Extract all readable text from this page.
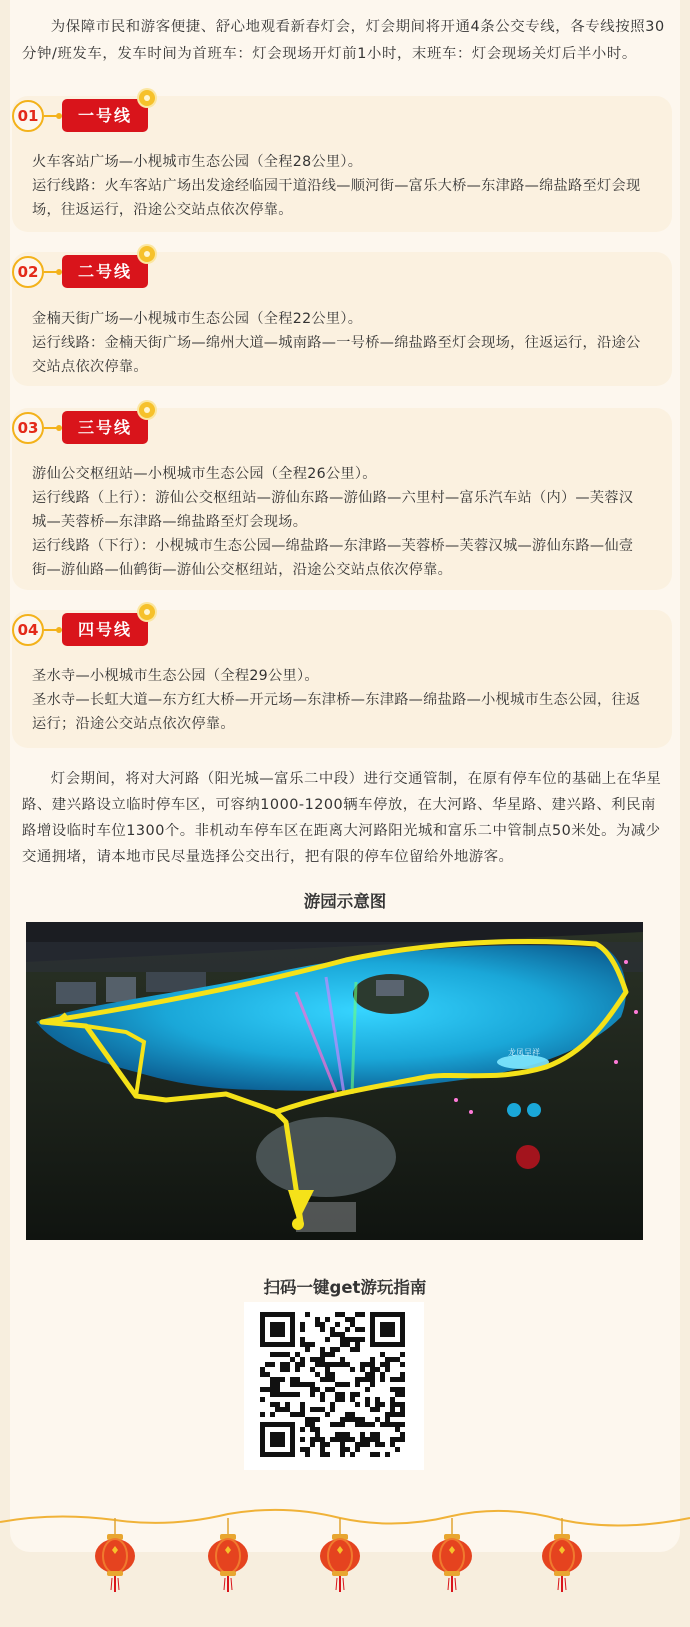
为保障市民和游客便捷、舒心地观看新春灯会，灯会期间将开通4条公交专线，各专线按照30分钟/班发车，发车时间为首班车：灯会现场开灯前1小时，末班车：灯会现场关灯后半小时。

01	一号线

火车客站广场—小枧城市生态公园（全程28公里）。

运行线路：火车客站广场出发途经临园干道沿线—顺河街—富乐大桥—东津路—绵盐路至灯会现场，往返运行，沿途公交站点依次停靠。

02	二号线

金楠天街广场—小枧城市生态公园（全程22公里）。

运行线路：金楠天街广场—绵州大道—城南路—一号桥—绵盐路至灯会现场，往返运行，沿途公交站点依次停靠。

03	三号线

游仙公交枢纽站—小枧城市生态公园（全程26公里）。

运行线路（上行）：游仙公交枢纽站—游仙东路—游仙路—六里村—富乐汽车站（内）—芙蓉汉城—芙蓉桥—东津路—绵盐路至灯会现场。

运行线路（下行）：小枧城市生态公园—绵盐路—东津路—芙蓉桥—芙蓉汉城—游仙东路—仙壹街—游仙路—仙鹤街—游仙公交枢纽站，沿途公交站点依次停靠。

04	四号线

圣水寺—小枧城市生态公园（全程29公里）。

圣水寺—长虹大道—东方红大桥—开元场—东津桥—东津路—绵盐路—小枧城市生态公园，往返运行；沿途公交站点依次停靠。

灯会期间，将对大河路（阳光城—富乐二中段）进行交通管制，在原有停车位的基础上在华星路、建兴路设立临时停车区，可容纳1000-1200辆车停放，在大河路、华星路、建兴路、利民南路增设临时车位1300个。非机动车停车区在距离大河路阳光城和富乐二中管制点50米处。为减少交通拥堵，请本地市民尽量选择公交出行，把有限的停车位留给外地游客。

游园示意图
龙凤呈祥
扫码一键get游玩指南
